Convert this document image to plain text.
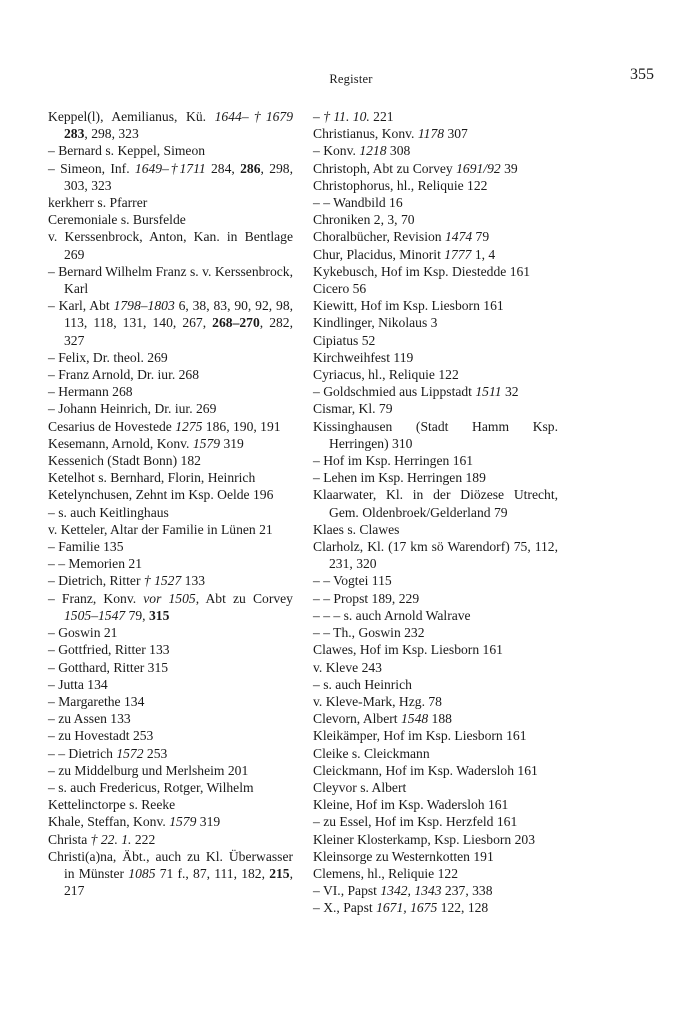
Register	355
Keppel(l), Aemilianus, Kü. 1644–†1679 283, 298, 323
– Bernard s. Keppel, Simeon
– Simeon, Inf. 1649–†1711 284, 286, 298, 303, 323
kerkherr s. Pfarrer
Ceremoniale s. Bursfelde
v. Kerssenbrock, Anton, Kan. in Bentlage 269
– Bernard Wilhelm Franz s. v. Kerssenbrock, Karl
– Karl, Abt 1798–1803 6, 38, 83, 90, 92, 98, 113, 118, 131, 140, 267, 268–270, 282, 327
– Felix, Dr. theol. 269
– Franz Arnold, Dr. iur. 268
– Hermann 268
– Johann Heinrich, Dr. iur. 269
Cesarius de Hovestede 1275 186, 190, 191
Kesemann, Arnold, Konv. 1579 319
Kessenich (Stadt Bonn) 182
Ketelhot s. Bernhard, Florin, Heinrich
Ketelynchusen, Zehnt im Ksp. Oelde 196
– s. auch Keitlinghaus
v. Ketteler, Altar der Familie in Lünen 21
– Familie 135
– – Memorien 21
– Dietrich, Ritter † 1527 133
– Franz, Konv. vor 1505, Abt zu Corvey 1505–1547 79, 315
– Goswin 21
– Gottfried, Ritter 133
– Gotthard, Ritter 315
– Jutta 134
– Margarethe 134
– zu Assen 133
– zu Hovestadt 253
– – Dietrich 1572 253
– zu Middelburg und Merlsheim 201
– s. auch Fredericus, Rotger, Wilhelm
Kettelinctorpe s. Reeke
Khale, Steffan, Konv. 1579 319
Christa † 22. 1. 222
Christi(a)na, Äbt., auch zu Kl. Überwasser in Münster 1085 71 f., 87, 111, 182, 215, 217
– † 11. 10. 221
Christianus, Konv. 1178 307
– Konv. 1218 308
Christoph, Abt zu Corvey 1691/92 39
Christophorus, hl., Reliquie 122
– – Wandbild 16
Chroniken 2, 3, 70
Choralbücher, Revision 1474 79
Chur, Placidus, Minorit 1777 1, 4
Kykebusch, Hof im Ksp. Diestedde 161
Cicero 56
Kiewitt, Hof im Ksp. Liesborn 161
Kindlinger, Nikolaus 3
Cipiatus 52
Kirchweihfest 119
Cyriacus, hl., Reliquie 122
– Goldschmied aus Lippstadt 1511 32
Cismar, Kl. 79
Kissinghausen (Stadt Hamm Ksp. Herringen) 310
– Hof im Ksp. Herringen 161
– Lehen im Ksp. Herringen 189
Klaarwater, Kl. in der Diözese Utrecht, Gem. Oldenbroek/Gelderland 79
Klaes s. Clawes
Clarholz, Kl. (17 km sö Warendorf) 75, 112, 231, 320
– – Vogtei 115
– – Propst 189, 229
– – – s. auch Arnold Walrave
– – Th., Goswin 232
Clawes, Hof im Ksp. Liesborn 161
v. Kleve 243
– s. auch Heinrich
v. Kleve-Mark, Hzg. 78
Clevorn, Albert 1548 188
Kleikämper, Hof im Ksp. Liesborn 161
Cleike s. Cleickmann
Cleickmann, Hof im Ksp. Wadersloh 161
Cleyvor s. Albert
Kleine, Hof im Ksp. Wadersloh 161
– zu Essel, Hof im Ksp. Herzfeld 161
Kleiner Klosterkamp, Ksp. Liesborn 203
Kleinsorge zu Westernkotten 191
Clemens, hl., Reliquie 122
– VI., Papst 1342, 1343 237, 338
– X., Papst 1671, 1675 122, 128
